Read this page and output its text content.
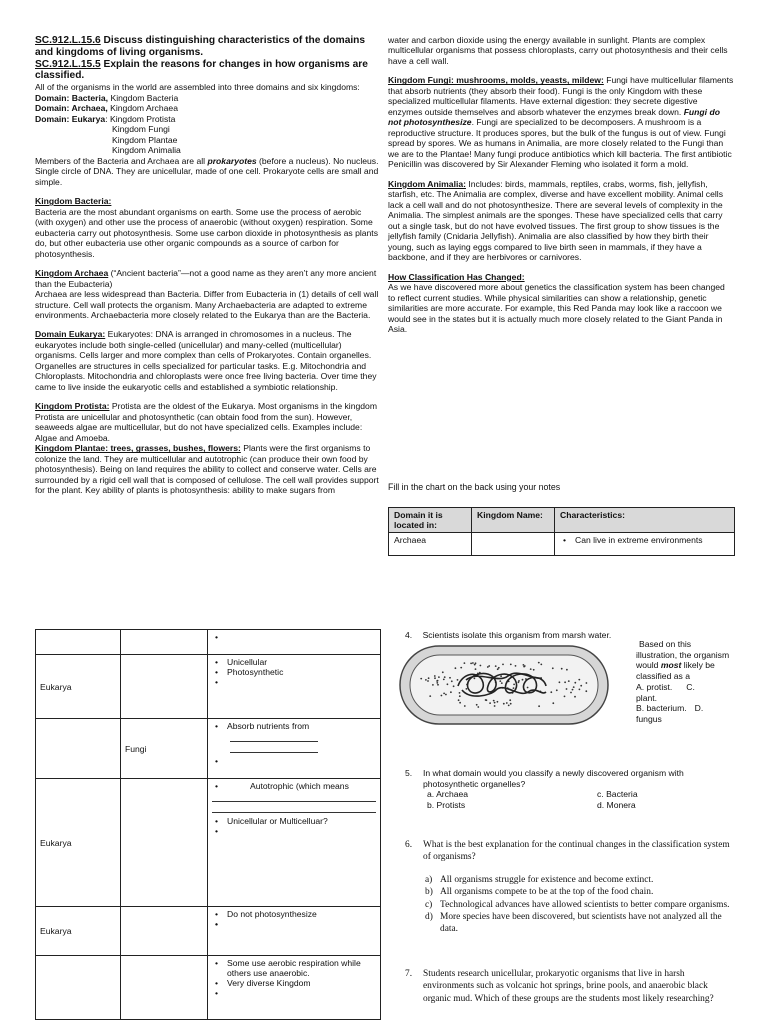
SC.912.L.15.6 Discuss distinguishing characteristics of the domains and kingdoms of living organisms.

SC.912.L.15.5 Explain the reasons for changes in how organisms are classified.

All of the organisms in the world are assembled into three domains and six kingdoms:

Domain: Bacteria, Kingdom Bacteria

Domain: Archaea, Kingdom Archaea

Domain: Eukarya: Kingdom Protista

Kingdom Fungi

Kingdom Plantae

Kingdom Animalia

Members of the Bacteria and Archaea are all prokaryotes (before a nucleus). No nucleus. Single circle of DNA. They are unicellular, made of one cell. Prokaryote cells are small and simple.

Kingdom Bacteria:

Bacteria are the most abundant organisms on earth. Some use the process of aerobic (with oxygen) and other use the process of anaerobic (without oxygen) respiration. Some eubacteria carry out photosynthesis. Some use carbon dioxide in photosynthesis as plants do, but other eubacteria use other organic compounds as a source of carbon for photosynthesis.

Kingdom Archaea (“Ancient bacteria”—not a good name as they aren’t any more ancient than the Eubacteria)

Archaea are less widespread than Bacteria. Differ from Eubacteria in (1) details of cell wall structure. Cell wall protects the organism. Many Archaebacteria are adapted to extreme environments. Archaebacteria more closely related to the Eukarya than are the Bacteria.

Domain Eukarya: Eukaryotes: DNA is arranged in chromosomes in a nucleus. The eukaryotes include both single-celled (unicellular) and many-celled (multicellular) organisms. Cells larger and more complex than cells of Prokaryotes. Contain organelles. Organelles are structures in cells specialized for particular tasks. E.g. Mitochondria and Chloroplasts. Mitochondria and chloroplasts were once free living bacteria. Over time they came to live inside the eukaryotic cells and established a symbiotic relationship.

Kingdom Protista: Protista are the oldest of the Eukarya. Most organisms in the kingdom Protista are unicellular and photosynthetic (can obtain food from the sun). However, seaweeds algae are multicellular, but do not have specialized cells. Examples include: Algae and Amoeba.

Kingdom Plantae: trees, grasses, bushes, flowers: Plants were the first organisms to colonize the land. They are multicellular and autotrophic (can produce their own food by photosynthesis). Being on land requires the ability to collect and conserve water. Cells are surrounded by a rigid cell wall that is composed of cellulose. The cell wall provides support for the plant. Key ability of plants is photosynthesis: ability to make sugars from

water and carbon dioxide using the energy available in sunlight. Plants are complex multicellular organisms that possess chloroplasts, carry out photosynthesis and their cells have a cell wall.

Kingdom Fungi: mushrooms, molds, yeasts, mildew: Fungi have multicellular filaments that absorb nutrients (they absorb their food). Fungi is the only Kingdom with these specialized multicellular filaments. Have external digestion: they secrete digestive enzymes outside themselves and absorb whatever the enzymes break down. Fungi do not photosynthesize. Fungi are specialized to be decomposers. A mushroom is a reproductive structure. It produces spores, but the bulk of the fungus is out of view. Fungi spread by spores. We as humans in Animalia, are more closely related to the Fungi than we are to the Plantae! Many fungi produce antibiotics which kill bacteria. The first antibiotic Penicillin was discovered by Sir Alexander Fleming who isolated it form a mold.

Kingdom Animalia: Includes: birds, mammals, reptiles, crabs, worms, fish, jellyfish, starfish, etc. The Animalia are complex, diverse and have excellent mobility. Animal cells lack a cell wall and do not photosynthesize. There are several levels of complexity in the Animalia. The simplest animals are the sponges. These have specialized cells that carry out a single task, but do not have evolved tissues. The first group to show tissues is the jellyfish family (Cnidaria Jellyfish). Animalia are also classified by how they birth their young, such as laying eggs compared to live birth seen in mammals, if they have a backbone, and if they are herbivores or carnivores.

How Classification Has Changed:

As we have discovered more about genetics the classification system has been changed to reflect current studies. While physical similarities can show a relationship, genetic similarities are more accurate. For example, this Red Panda may look like a raccoon we would see in the states but it is actually much more closely related to the Giant Panda in Asia.

Fill in the chart on the back using your notes

Domain it is located in:	Kingdom Name:	Characteristics:
Archaea		• Can live in extreme environments

Eukarya		• Unicellular
• Photosynthetic

	Fungi	• Absorb nutrients from

Eukarya		• Autotrophic (which means
• Unicellular or Multicelluar?

Eukarya		• Do not photosynthesize

		• Some use aerobic respiration while others use anaerobic.
• Very diverse Kingdom
4. Scientists isolate this organism from marsh water.
Based on this
illustration, the organism
would most likely be
classified as a
A. protist. C.
plant.
B. bacterium. D.
fungus
5.	In what domain would you classify a newly discovered organism with photosynthetic organelles?
a. Archaea	c. Bacteria
b. Protists	d. Monera
6.	What is the best explanation for the continual changes in the classification system of organisms?
a) All organisms struggle for existence and become extinct.
b) All organisms compete to be at the top of the food chain.
c) Technological advances have allowed scientists to better compare organisms.
d) More species have been discovered, but scientists have not analyzed all the data.
7.	Students research unicellular, prokaryotic organisms that live in harsh environments such as volcanic hot springs, brine pools, and anaerobic black organic mud. Which of these groups are the students most likely researching?
